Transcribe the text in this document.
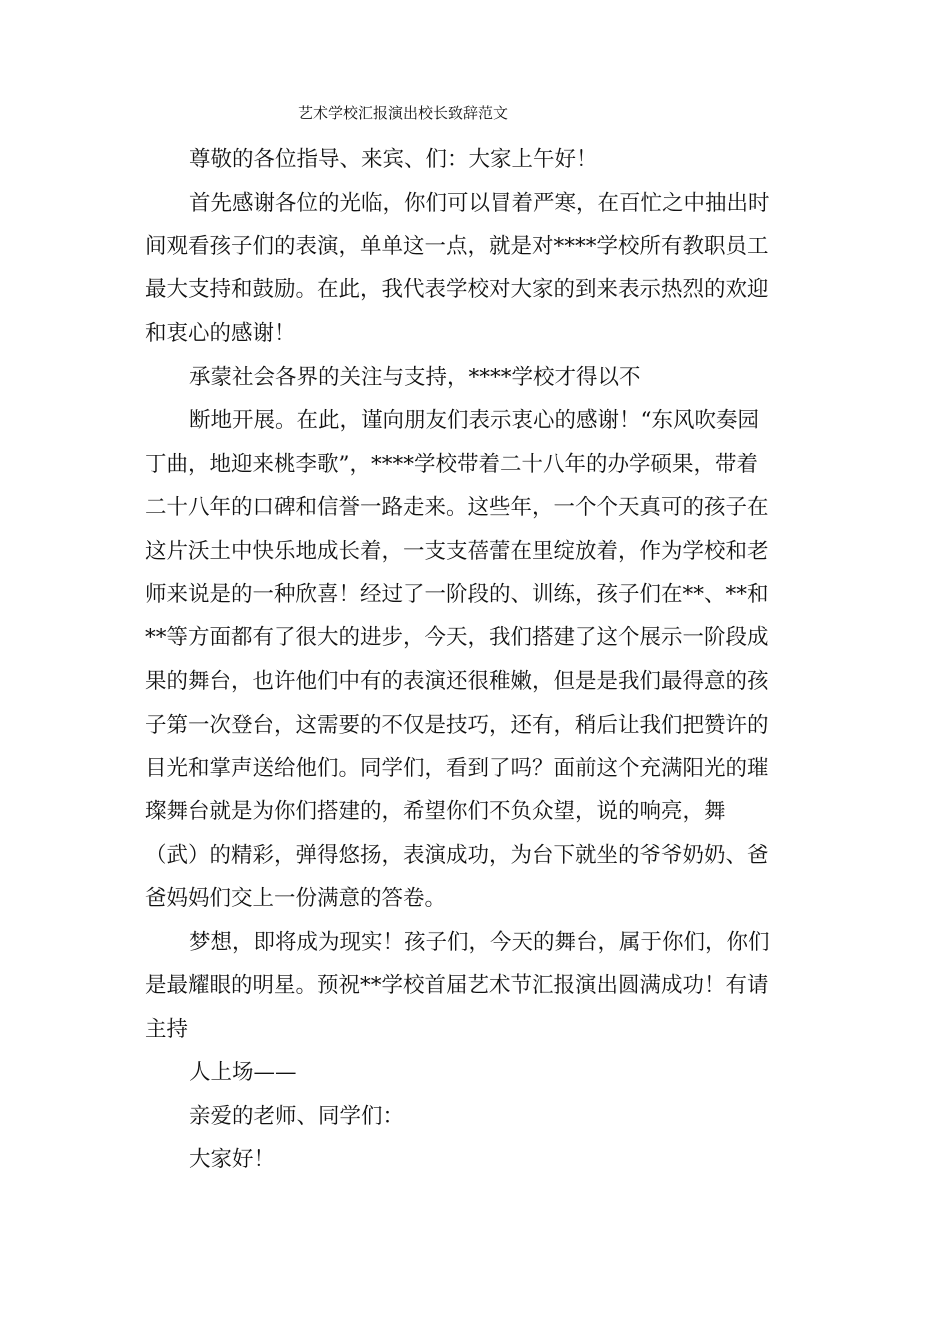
艺术学校汇报演出校长致辞范文
尊敬的各位指导、来宾、们：大家上午好！
首先感谢各位的光临，你们可以冒着严寒，在百忙之中抽出时
间观看孩子们的表演，单单这一点，就是对****学校所有教职员工
最大支持和鼓励。在此，我代表学校对大家的到来表示热烈的欢迎
和衷心的感谢！
承蒙社会各界的关注与支持，****学校才得以不
断地开展。在此，谨向朋友们表示衷心的感谢！“东风吹奏园
丁曲，地迎来桃李歌”，****学校带着二十八年的办学硕果，带着
二十八年的口碑和信誉一路走来。这些年，一个个天真可的孩子在
这片沃土中快乐地成长着，一支支蓓蕾在里绽放着，作为学校和老
师来说是的一种欣喜！经过了一阶段的、训练，孩子们在**、**和
**等方面都有了很大的进步，今天，我们搭建了这个展示一阶段成
果的舞台，也许他们中有的表演还很稚嫩，但是是我们最得意的孩
子第一次登台，这需要的不仅是技巧，还有，稍后让我们把赞许的
目光和掌声送给他们。同学们，看到了吗？面前这个充满阳光的璀
璨舞台就是为你们搭建的，希望你们不负众望，说的响亮，舞
（武）的精彩，弹得悠扬，表演成功，为台下就坐的爷爷奶奶、爸
爸妈妈们交上一份满意的答卷。
梦想，即将成为现实！孩子们，今天的舞台，属于你们，你们
是最耀眼的明星。预祝**学校首届艺术节汇报演出圆满成功！有请
主持
人上场——
亲爱的老师、同学们：
大家好！
